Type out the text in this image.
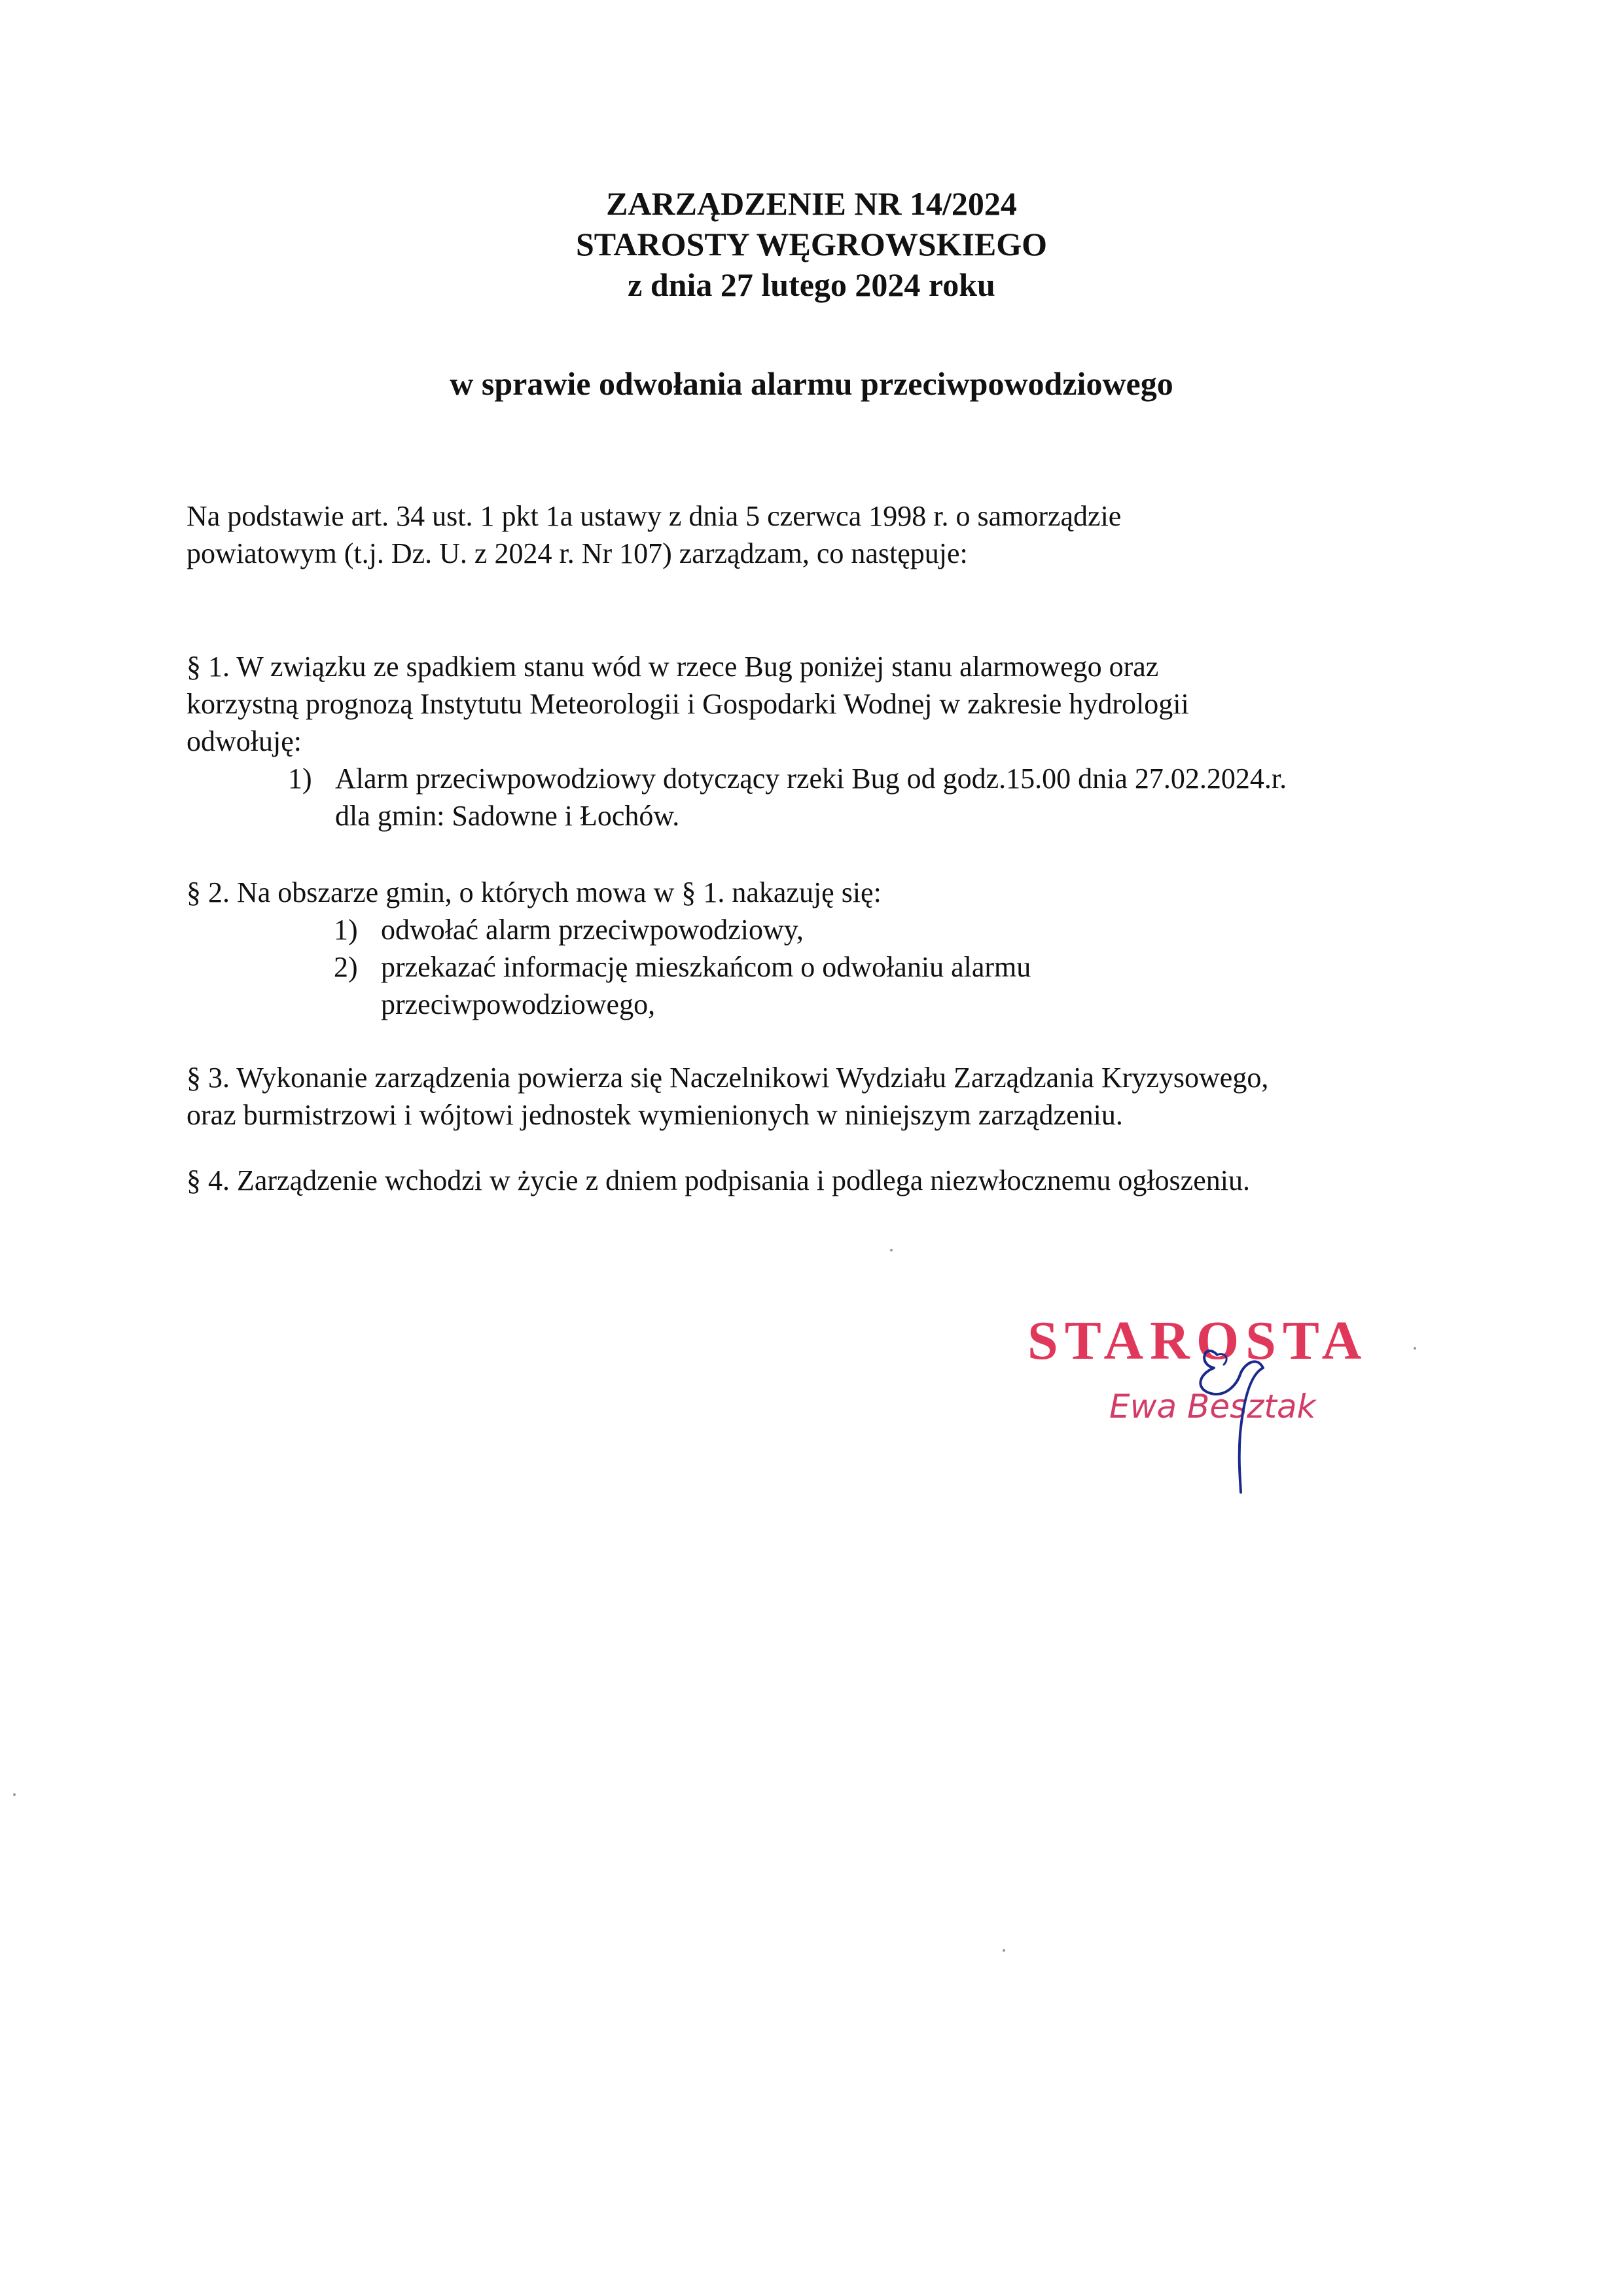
ZARZĄDZENIE NR 14/2024
STAROSTY WĘGROWSKIEGO
z dnia 27 lutego 2024 roku
w sprawie odwołania alarmu przeciwpowodziowego

Na podstawie art. 34 ust. 1 pkt 1a ustawy z dnia 5 czerwca 1998 r. o samorządzie
powiatowym (t.j. Dz. U. z 2024 r. Nr 107) zarządzam, co następuje:

§ 1. W związku ze spadkiem stanu wód w rzece Bug poniżej stanu alarmowego oraz
korzystną prognozą Instytutu Meteorologii i Gospodarki Wodnej w zakresie hydrologii
odwołuję:

1) Alarm przeciwpowodziowy dotyczący rzeki Bug od godz.15.00 dnia 27.02.2024.r.
dla gmin: Sadowne i Łochów.

§ 2. Na obszarze gmin, o których mowa w § 1. nakazuję się:

1) odwołać alarm przeciwpowodziowy,
2) przekazać informację mieszkańcom o odwołaniu alarmu
przeciwpowodziowego,

§ 3. Wykonanie zarządzenia powierza się Naczelnikowi Wydziału Zarządzania Kryzysowego,
oraz burmistrzowi i wójtowi jednostek wymienionych w niniejszym zarządzeniu.

§ 4. Zarządzenie wchodzi w życie z dniem podpisania i podlega niezwłocznemu ogłoszeniu.

STAROSTA
Ewa Besztak
